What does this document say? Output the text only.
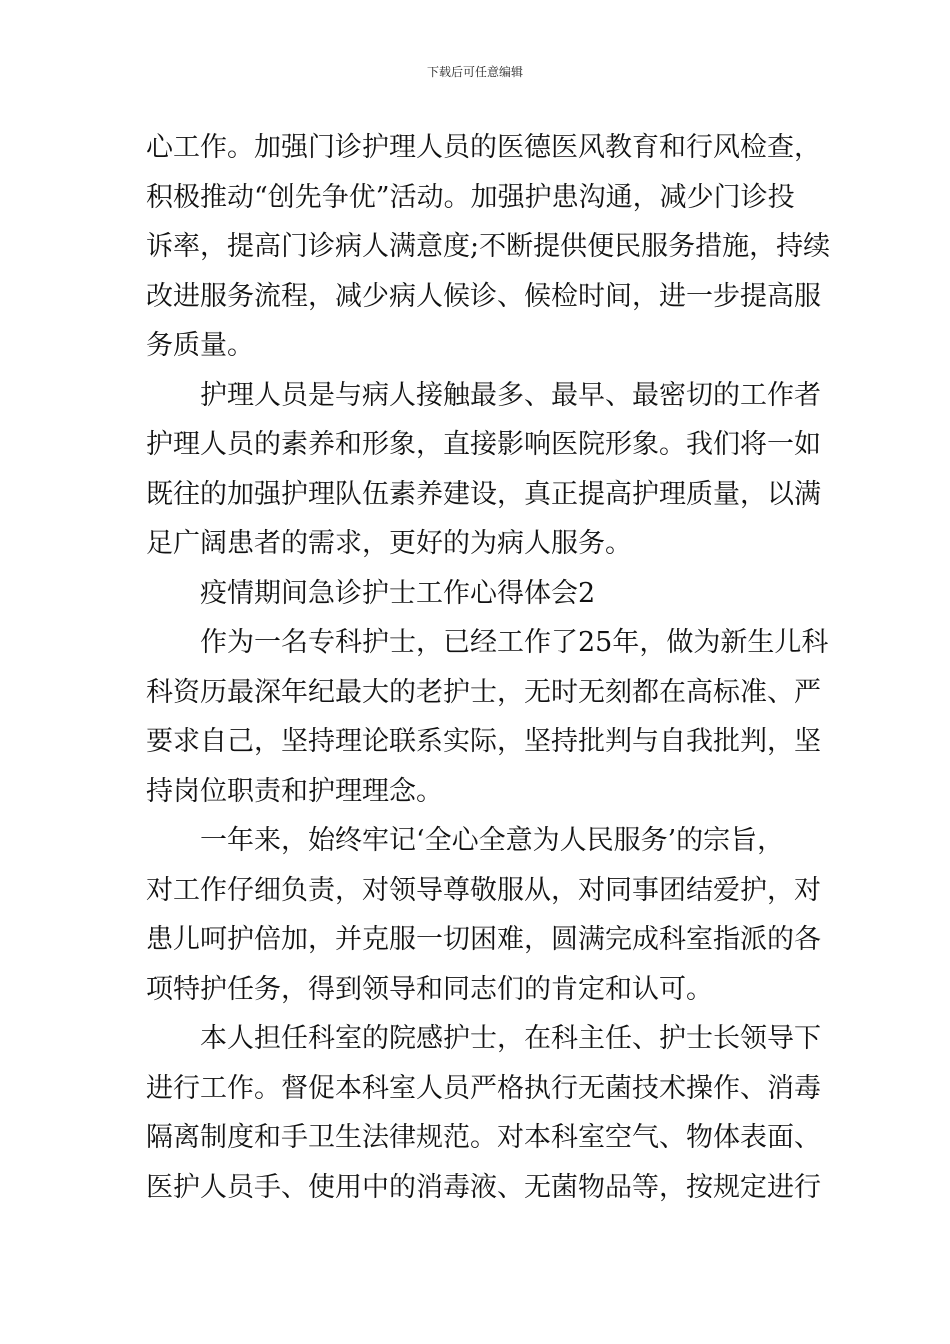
下载后可任意编辑
心工作。加强门诊护理人员的医德医风教育和行风检查，
积极推动“创先争优”活动。加强护患沟通，减少门诊投
诉率，提高门诊病人满意度;不断提供便民服务措施，持续
改进服务流程，减少病人候诊、候检时间，进一步提高服
务质量。
护理人员是与病人接触最多、最早、最密切的工作者
护理人员的素养和形象，直接影响医院形象。我们将一如
既往的加强护理队伍素养建设，真正提高护理质量，以满
足广阔患者的需求，更好的为病人服务。
疫情期间急诊护士工作心得体会2
作为一名专科护士，已经工作了25年，做为新生儿科
科资历最深年纪最大的老护士，无时无刻都在高标准、严
要求自己，坚持理论联系实际，坚持批判与自我批判，坚
持岗位职责和护理理念。
一年来，始终牢记‘全心全意为人民服务’的宗旨，
对工作仔细负责，对领导尊敬服从，对同事团结爱护，对
患儿呵护倍加，并克服一切困难，圆满完成科室指派的各
项特护任务，得到领导和同志们的肯定和认可。
本人担任科室的院感护士，在科主任、护士长领导下
进行工作。督促本科室人员严格执行无菌技术操作、消毒
隔离制度和手卫生法律规范。对本科室空气、物体表面、
医护人员手、使用中的消毒液、无菌物品等，按规定进行
